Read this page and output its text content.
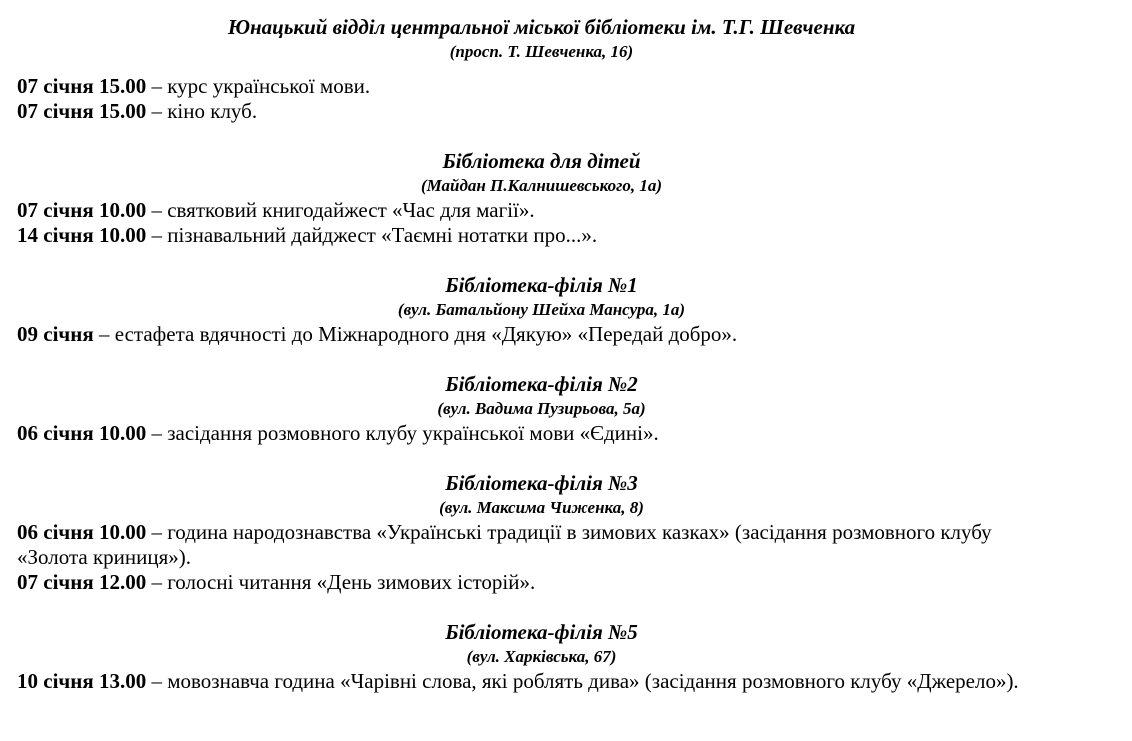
Юнацький відділ центральної міської бібліотеки ім. Т.Г. Шевченка
(просп. Т. Шевченка, 16)
07 січня 15.00 – курс української мови.
07 січня 15.00 – кіно клуб.
Бібліотека для дітей
(Майдан П.Калнишевського, 1а)
07 січня 10.00 – святковий книгодайжест «Час для магії».
14 січня 10.00 – пізнавальний дайджест «Таємні нотатки про...».
Бібліотека-філія №1
(вул. Батальйону Шейха Мансура, 1а)
09 січня – естафета вдячності до Міжнародного дня «Дякую» «Передай добро».
Бібліотека-філія №2
(вул. Вадима Пузирьова, 5а)
06 січня 10.00 – засідання розмовного клубу української мови «Єдині».
Бібліотека-філія №3
(вул. Максима Чиженка, 8)
06 січня 10.00 – година народознавства «Українські традиції в зимових казках» (засідання розмовного клубу «Золота криниця»).
07 січня 12.00 – голосні читання «День зимових історій».
Бібліотека-філія №5
(вул. Харківська, 67)
10 січня 13.00 – мовознавча година «Чарівні слова, які роблять дива» (засідання розмовного клубу «Джерело»).
